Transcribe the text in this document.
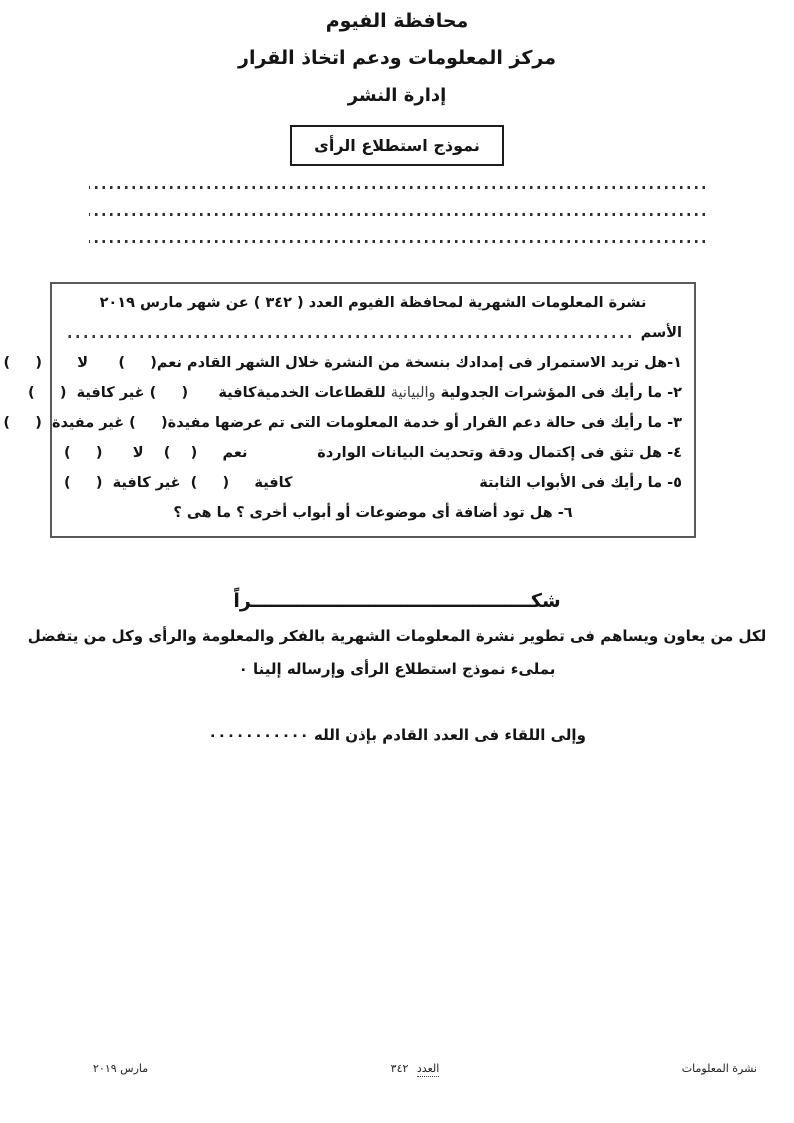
محافظة الفيوم
مركز المعلومات ودعم اتخاذ القرار
إدارة النشر
نموذج استطلاع الرأى
نشرة المعلومات الشهرية لمحافظة الفيوم العدد ( ٣٤٢ ) عن شهر مارس ٢٠١٩
الأسم
١-هل تريد الاستمرار فى إمدادك بنسخة من النشرة خلال الشهر القادم نعم
(     )      لا       (     )
٢- ما رأيك فى المؤشرات الجدولية
والبيانية
للقطاعات الخدمية
كافية      (     ) غير كافية  (     )
٣- ما رأيك فى حالة دعم القرار أو خدمة المعلومات التى تم عرضها مفيدة
(     ) غير مفيدة  (     )
٤- هل تثق فى إكتمال ودقة وتحديث البيانات الواردة
نعم     (    )    لا      (     )
٥- ما رأيك فى الأبواب الثابتة
كافية     (     )  غير كافية  (     )
٦- هل تود أضافة أى موضوعات أو أبواب أخرى ؟ ما هى ؟
شكـــــــــــــــــــــــــــــــــــــــــــراً
لكل من يعاون ويساهم فى تطوير نشرة المعلومات الشهرية بالفكر والمعلومة والرأى وكل من يتفضل
بملىء نموذج استطلاع الرأى وإرساله إلينا ٠
وإلى اللقاء فى العدد القادم بإذن الله ٠٠٠٠٠٠٠٠٠٠٠
نشرة المعلومات
العدد ٣٤٢
مارس ٢٠١٩
